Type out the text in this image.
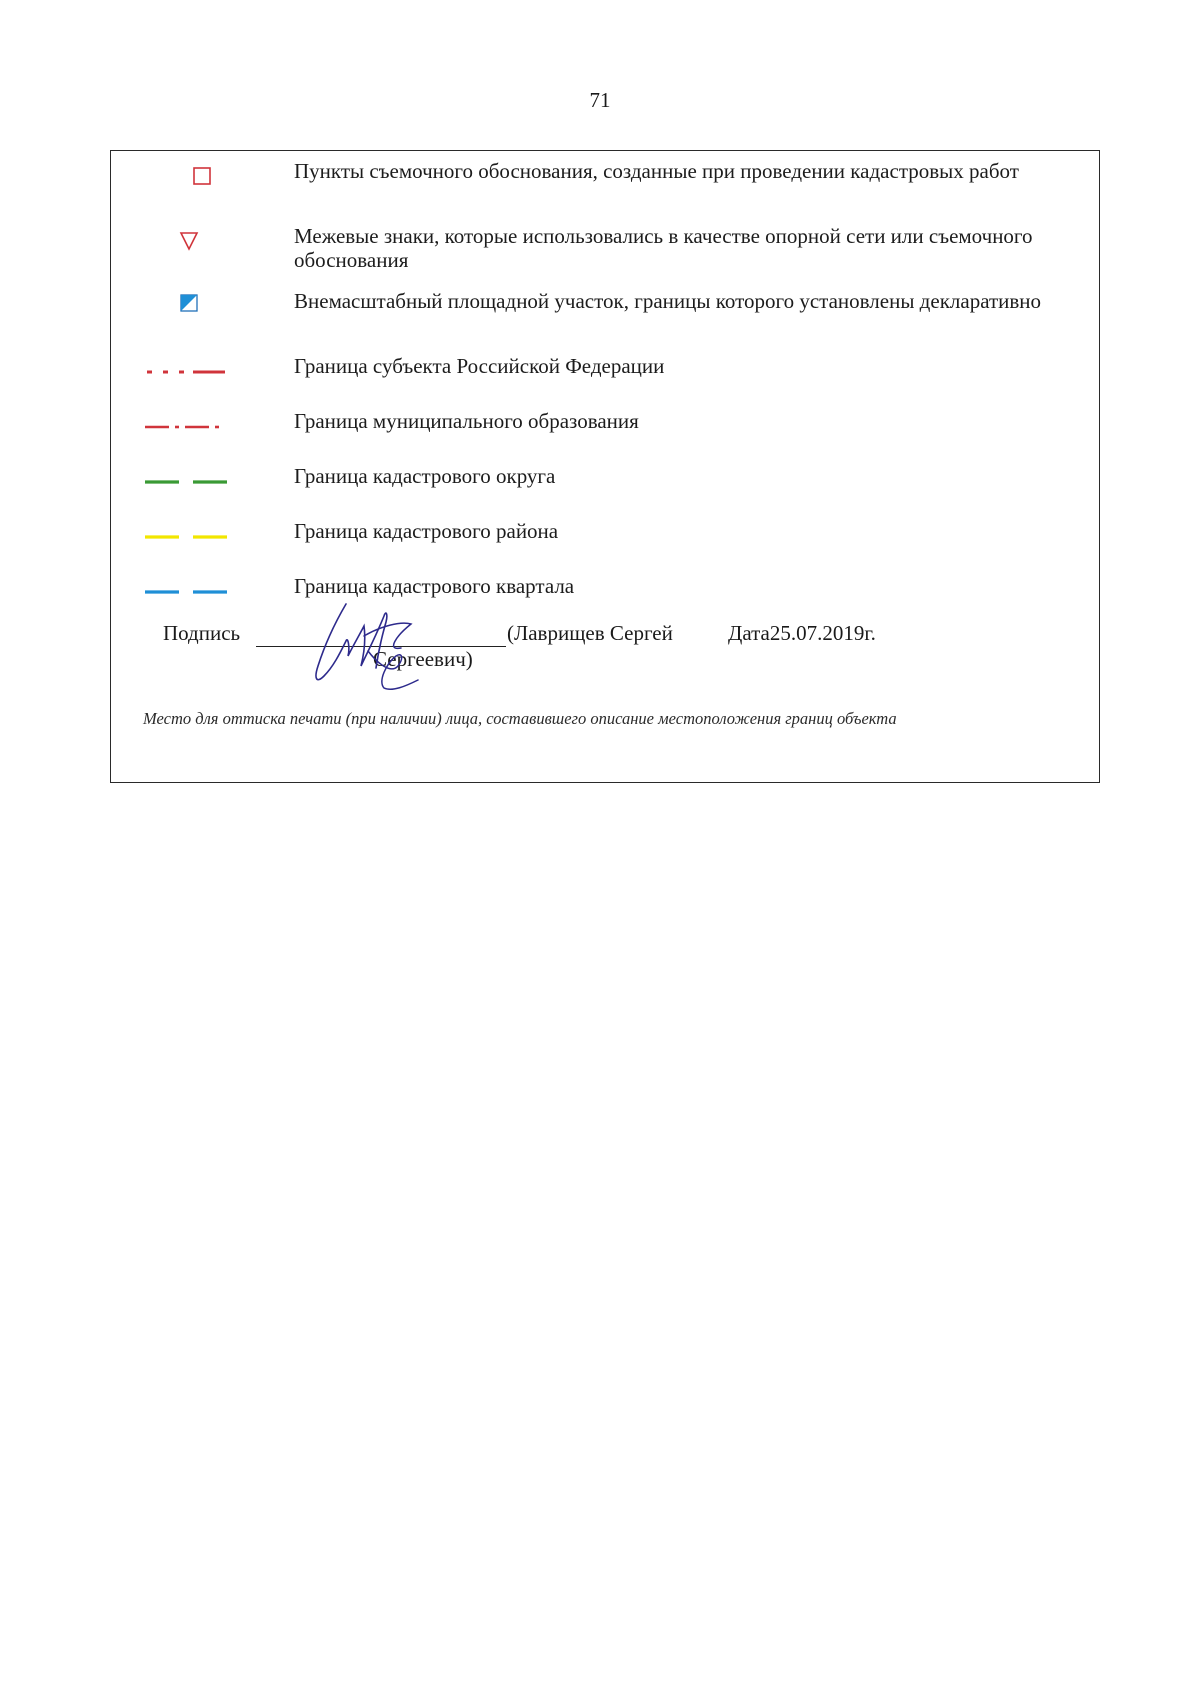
71
Пункты съемочного обоснования, созданные при проведении кадастровых работ
Межевые знаки, которые использовались в качестве опорной сети или съемочного обоснования
Внемасштабный площадной участок, границы которого установлены декларативно
Граница субъекта Российской Федерации
Граница муниципального образования
Граница кадастрового округа
Граница кадастрового района
Граница кадастрового квартала
Подпись	(Лаврищев Сергей
Сергеевич)
Дата25.07.2019г.
Место для оттиска печати (при наличии) лица, составившего описание местоположения границ объекта
